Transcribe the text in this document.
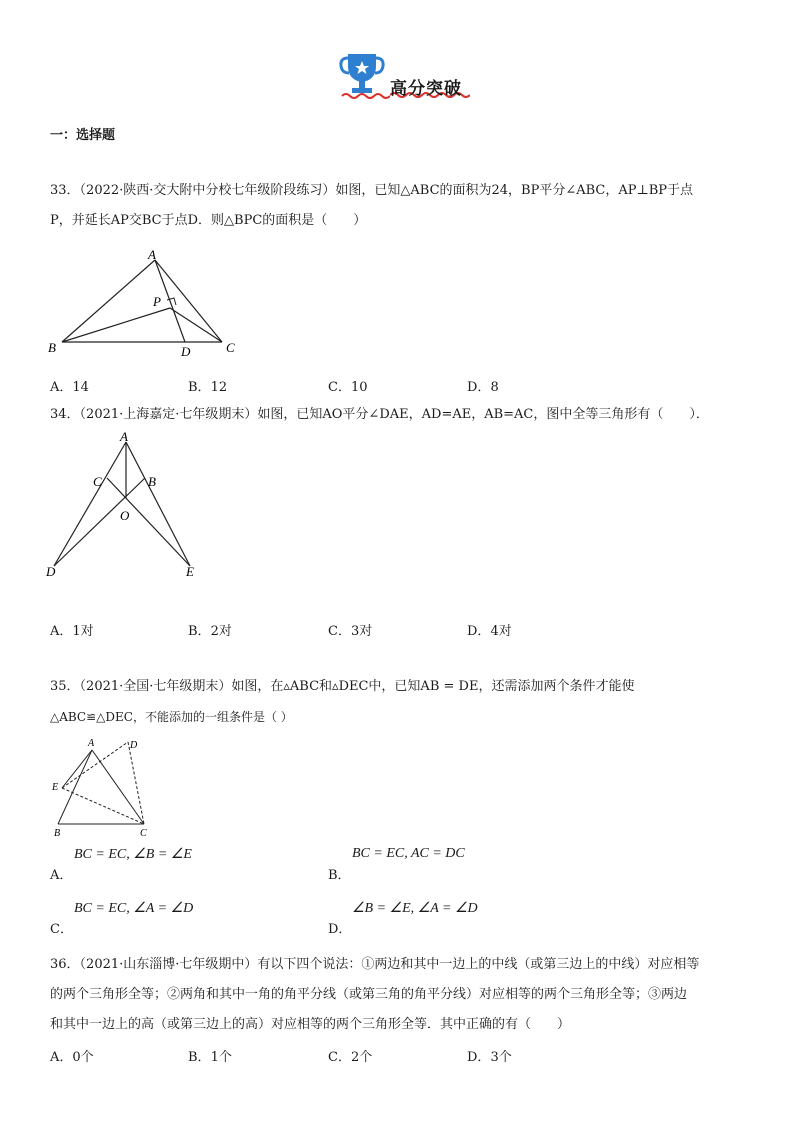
高分突破
一：选择题
33．（2022·陕西·交大附中分校七年级阶段练习）如图，已知△ABC的面积为24，BP平分∠ABC，AP⊥BP于点
P，并延长AP交BC于点D．则△BPC的面积是（　　）
A
P
B	D	C
A．14	B．12	C．10	D．8
34．（2021·上海嘉定·七年级期末）如图，已知AO平分∠DAE，AD=AE，AB=AC，图中全等三角形有（　　）．
A
C	B
O
D	E
A．1对	B．2对	C．3对	D．4对
35．（2021·全国·七年级期末）如图，在▵ABC和▵DEC中，已知AB = DE，还需添加两个条件才能使
△ABC≌△DEC，不能添加的一组条件是（ ）
A	D
E
B	C
A．
BC = EC, ∠B = ∠E
B．
BC = EC, AC = DC
C．
BC = EC, ∠A = ∠D
D．
∠B = ∠E, ∠A = ∠D
36．（2021·山东淄博·七年级期中）有以下四个说法：①两边和其中一边上的中线（或第三边上的中线）对应相等
的两个三角形全等；②两角和其中一角的角平分线（或第三角的角平分线）对应相等的两个三角形全等；③两边
和其中一边上的高（或第三边上的高）对应相等的两个三角形全等．其中正确的有（　　）
A．0个	B．1个	C．2个	D．3个
